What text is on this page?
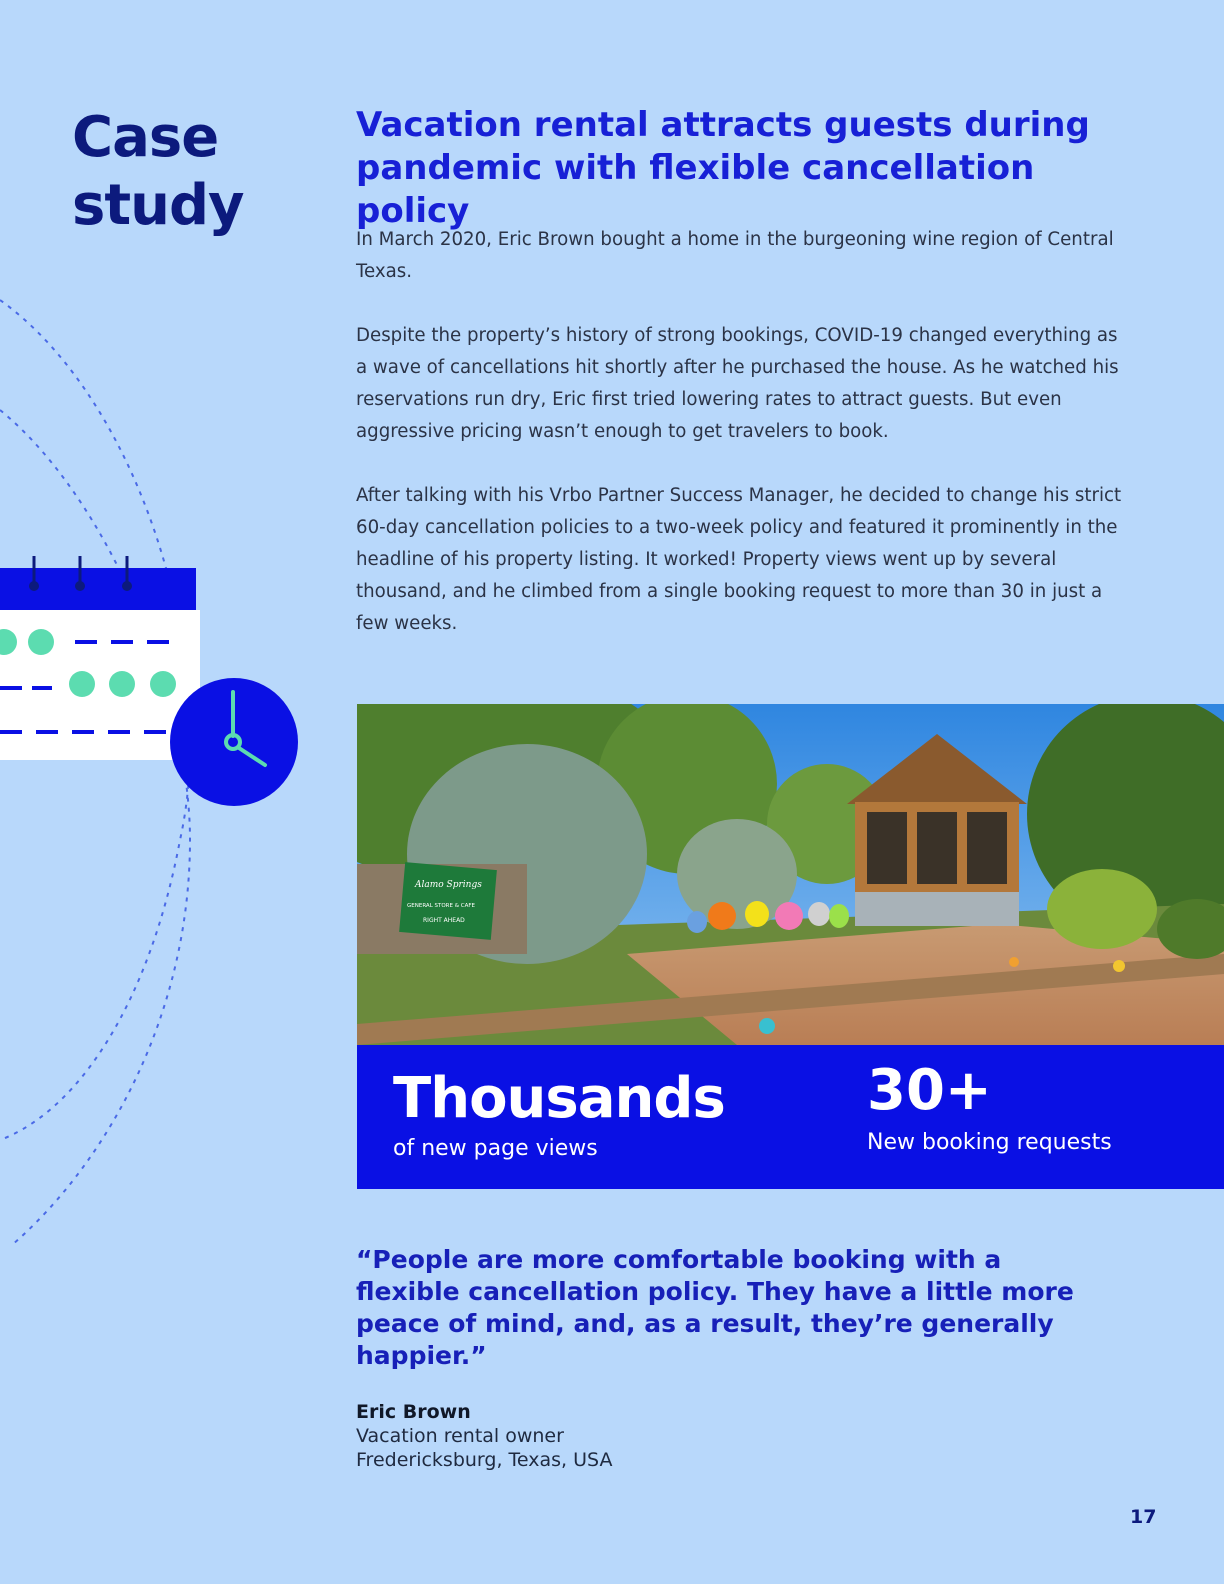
Case
study
Vacation rental attracts guests during pandemic with flexible cancellation policy

In March 2020, Eric Brown bought a home in the burgeoning wine region of Central Texas.

Despite the property’s history of strong bookings, COVID-19 changed everything as a wave of cancellations hit shortly after he purchased the house. As he watched his reservations run dry, Eric first tried lowering rates to attract guests. But even aggressive pricing wasn’t enough to get travelers to book.

After talking with his Vrbo Partner Success Manager, he decided to change his strict 60-day cancellation policies to a two-week policy and featured it prominently in the headline of his property listing. It worked! Property views went up by several thousand, and he climbed from a single booking request to more than 30 in just a few weeks.

Alamo Springs
GENERAL STORE & CAFE
RIGHT AHEAD
Thousands
of new page views
30+
New booking requests
“People are more comfortable booking with a flexible cancellation policy. They have a little more peace of mind, and, as a result, they’re generally happier.”
Eric Brown
Vacation rental owner
Fredericksburg, Texas, USA
17
